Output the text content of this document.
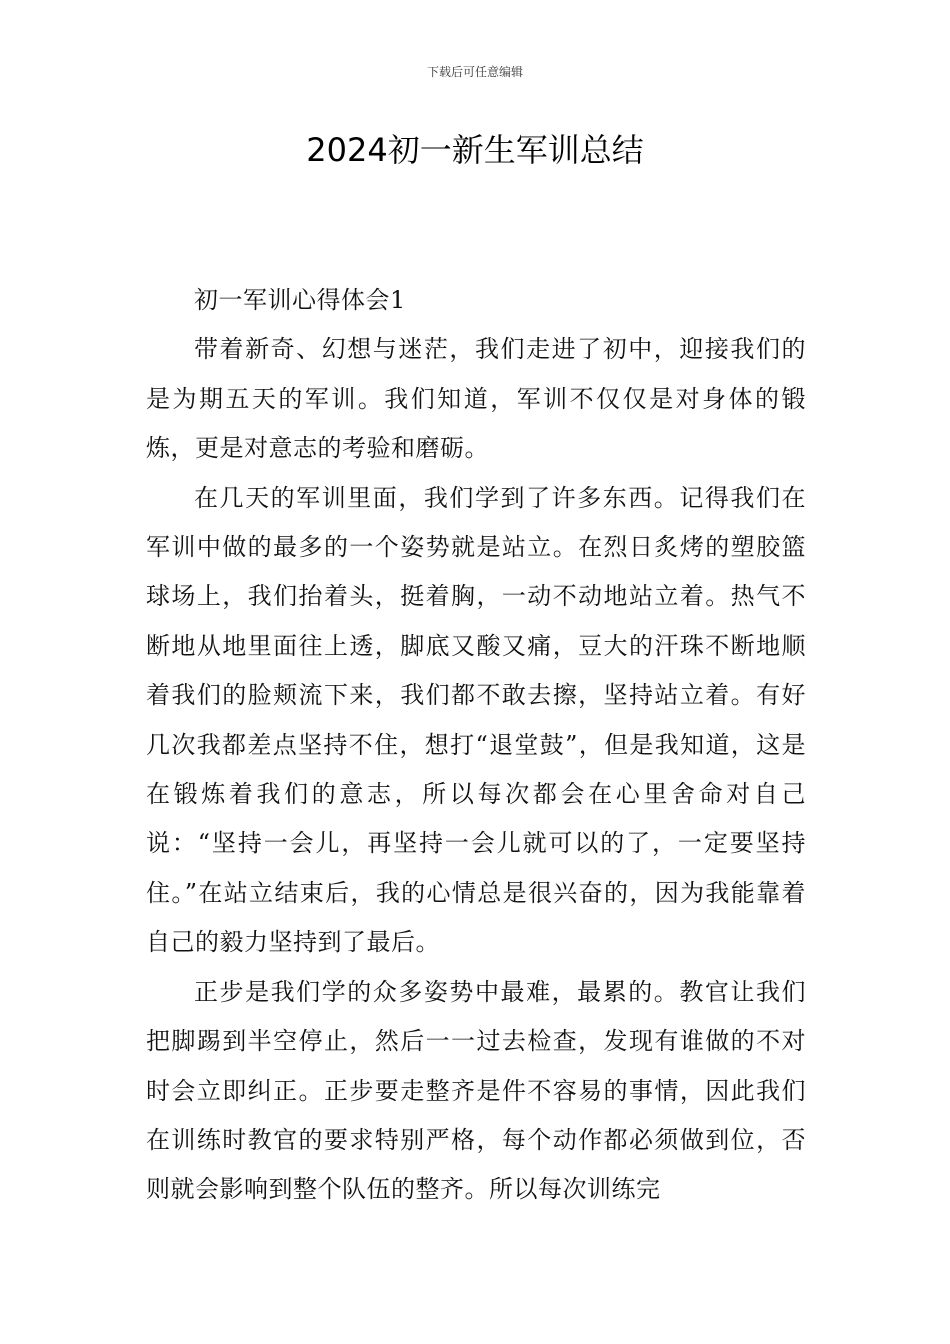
下载后可任意编辑
2024初一新生军训总结

初一军训心得体会1

带着新奇、幻想与迷茫，我们走进了初中，迎接我们的是为期五天的军训。我们知道，军训不仅仅是对身体的锻炼，更是对意志的考验和磨砺。

在几天的军训里面，我们学到了许多东西。记得我们在军训中做的最多的一个姿势就是站立。在烈日炙烤的塑胶篮球场上，我们抬着头，挺着胸，一动不动地站立着。热气不断地从地里面往上透，脚底又酸又痛，豆大的汗珠不断地顺着我们的脸颊流下来，我们都不敢去擦，坚持站立着。有好几次我都差点坚持不住，想打“退堂鼓”，但是我知道，这是在锻炼着我们的意志，所以每次都会在心里舍命对自己说：“坚持一会儿，再坚持一会儿就可以的了，一定要坚持住。”在站立结束后，我的心情总是很兴奋的，因为我能靠着自己的毅力坚持到了最后。

正步是我们学的众多姿势中最难，最累的。教官让我们把脚踢到半空停止，然后一一过去检查，发现有谁做的不对时会立即纠正。正步要走整齐是件不容易的事情，因此我们在训练时教官的要求特别严格，每个动作都必须做到位，否则就会影响到整个队伍的整齐。所以每次训练完
